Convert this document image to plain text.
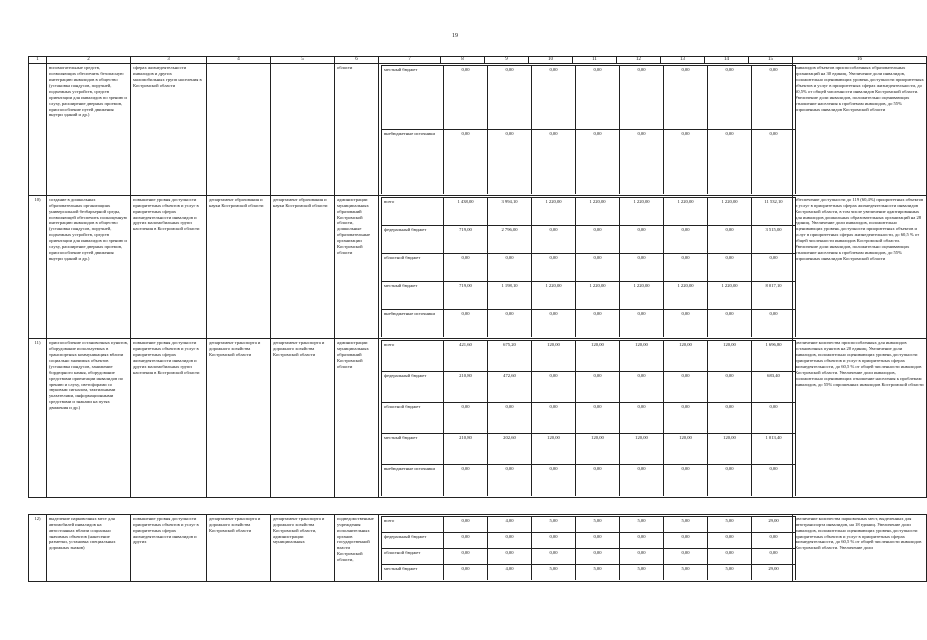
19
1	2	3	4	5	6	7	8	9	10	11	12	13	14	15	16
	вспомогательные средств, позволяющих обеспечить безопасную интеграцию инвалидов в общество (установка пандусов, поручней, подъемных устройств, средств ориентации для инвалидов по зрению и слуху, расширение дверных проемов, приспособление путей движения внутри зданий и др.)	сферах жизнедеятельности инвалидов и других маломобильных групп населения в Костромской области			области		местный бюджет	0,00	0,00	0,00	0,00	0,00	0,00	0,00	0,00
внебюджетные источники	0,00	0,00	0,00	0,00	0,00	0,00	0,00	0,00
	инвалидов объектов приспособленных образовательных организаций на 30 единиц. Увеличение доли инвалидов, положительно оценивающих уровень доступности приоритетных объектов и услуг в приоритетных сферах жизнедеятельности, до 60,5% от общей численности инвалидов Костромской области. Увеличение доли инвалидов, положительно оценивающих отношение населения к проблемам инвалидов, до 55% опрошенных инвалидов Костромской области
10)	создание в дошкольных образовательных организациях универсальной безбарьерной среды, позволяющей обеспечить полноценную интеграцию инвалидов в общество (установка пандусов, поручней, подъемных устройств, средств ориентации для инвалидов по зрению и слуху, расширение дверных проемов, приспособление путей движения внутри зданий и др.)	повышение уровня доступности приоритетных объектов и услуг в приоритетных сферах жизнедеятельности инвалидов и других маломобильных групп населения в Костромской области	департамент образования и науки Костромской области	департамент образования и науки Костромской области	администрации муниципальных образований Костромской области, дошкольные образовательные организации Костромской области	
всего	1 438,00	3 994,10	1 220,00	1 220,00	1 220,00	1 220,00	1 220,00	11 532,10
федеральный бюджет	719,00	2 796,00	0,00	0,00	0,00	0,00	0,00	3 515,00
областной бюджет	0,00	0,00	0,00	0,00	0,00	0,00	0,00	0,00
местный бюджет	719,00	1 198,10	1 220,00	1 220,00	1 220,00	1 220,00	1 220,00	8 017,10
внебюджетные источники	0,00	0,00	0,00	0,00	0,00	0,00	0,00	0,00
	обеспечение доступности до 119 (60,4%) приоритетных объектов и услуг в приоритетных сферах жизнедеятельности инвалидов Костромской области, в том числе увеличение адаптированных для инвалидов дошкольных образовательных организаций на 28 единиц. Увеличение доли инвалидов, положительно оценивающих уровень доступности приоритетных объектов и услуг в приоритетных сферах жизнедеятельности, до 60,5 % от общей численности инвалидов Костромской области. Увеличение доли инвалидов, положительно оценивающих отношение населения к проблемам инвалидов, до 55% опрошенных инвалидов Костромской области
11)	приспособление остановочных пунктов, оборудование используемых в транспортных коммуникациях вблизи социально значимых объектов (установка пандусов, занижение бордюрного камня, оборудование средствами ориентации инвалидов по зрению и слуху, светофорами со звуковым сигналом, тактильными указателями, информационными средствами и знаками на путях движения и др.)	повышение уровня доступности приоритетных объектов и услуг в приоритетных сферах жизнедеятельности инвалидов и других маломобильных групп населения в Костромской области	департамент транспорта и дорожного хозяйства Костромской области	департамент транспорта и дорожного хозяйства Костромской области	администрации муниципальных образований Костромской области	
всего	421,60	675,20	120,00	120,00	120,00	120,00	120,00	1 696,80
федеральный бюджет	210,80	472,60	0,00	0,00	0,00	0,00	0,00	683,40
областной бюджет	0,00	0,00	0,00	0,00	0,00	0,00	0,00	0,00
местный бюджет	210,80	202,60	120,00	120,00	120,00	120,00	120,00	1 013,40
внебюджетные источники	0,00	0,00	0,00	0,00	0,00	0,00	0,00	0,00
	увеличение количества приспособленных для инвалидов остановочных пунктов на 20 единиц. Увеличение доли инвалидов, положительно оценивающих уровень доступности приоритетных объектов и услуг в приоритетных сферах жизнедеятельности, до 60,5 % от общей численности инвалидов Костромской области. Увеличение доли инвалидов, положительно оценивающих отношение населения к проблемам инвалидов, до 55% опрошенных инвалидов Костромской области

12)	выделение парковочных мест для автомобилей инвалидов на автостоянках вблизи социально значимых объектов (нанесение разметки, установка специальных дорожных знаков)	повышение уровня доступности приоритетных объектов и услуг в приоритетных сферах жизнедеятельности инвалидов и других	департамент транспорта и дорожного хозяйства Костромской области	департамент транспорта и дорожного хозяйства Костромской области, администрации муниципальных	подведомственные учреждения исполнительных органов государственной власти Костромской области,	
всего	0,00	4,00	5,00	5,00	5,00	5,00	5,00	29,00
федеральный бюджет	0,00	0,00	0,00	0,00	0,00	0,00	0,00	0,00
областной бюджет	0,00	0,00	0,00	0,00	0,00	0,00	0,00	0,00
местный бюджет	0,00	4,00	5,00	5,00	5,00	5,00	5,00	29,00
	увеличение количества парковочных мест, выделенных для автотранспорта инвалидов, на 18 единиц. Увеличение доли инвалидов, положительно оценивающих уровень доступности приоритетных объектов и услуг в приоритетных сферах жизнедеятельности, до 60,5 % от общей численности инвалидов Костромской области. Увеличение доли
